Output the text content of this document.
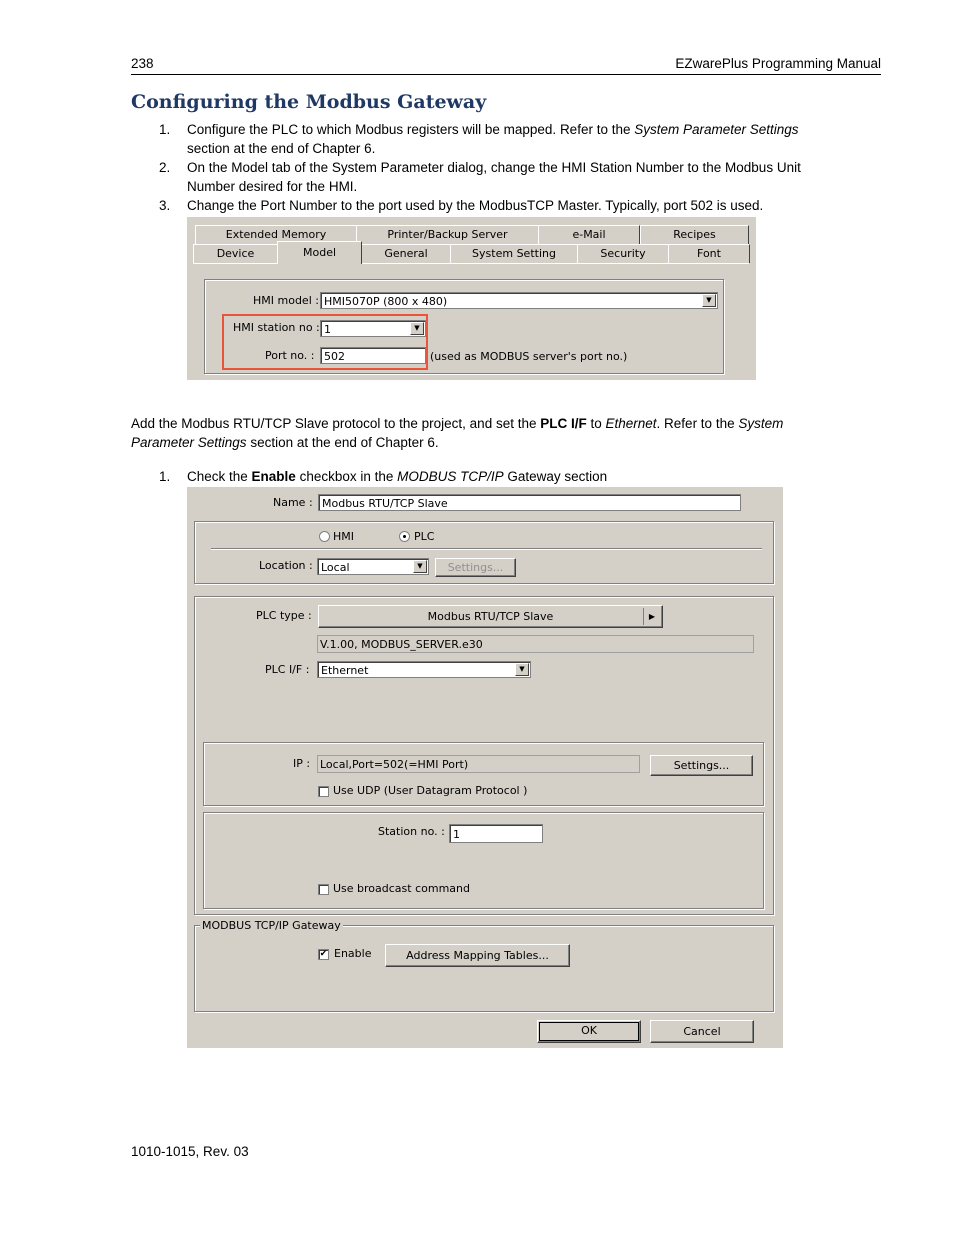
238	EZwarePlus Programming Manual
Configuring the Modbus Gateway
1.	Configure the PLC to which Modbus registers will be mapped. Refer to the System Parameter Settings
section at the end of Chapter 6.
2.	On the Model tab of the System Parameter dialog, change the HMI Station Number to the Modbus Unit
Number desired for the HMI.
3.	Change the Port Number to the port used by the ModbusTCP Master. Typically, port 502 is used.
Extended Memory	Printer/Backup Server	e-Mail	Recipes
Device	Model	General	System Setting	Security	Font
HMI model : HMI5070P (800 x 480)	▼
HMI station no : 1	▼
Port no. : 502	(used as MODBUS server's port no.)
Add the Modbus RTU/TCP Slave protocol to the project, and set the PLC I/F to Ethernet. Refer to the System
Parameter Settings section at the end of Chapter 6.
1. Check the Enable checkbox in the MODBUS TCP/IP Gateway section
Name : Modbus RTU/TCP Slave
HMI	PLC
Location : Local	▼	Settings...
PLC type :	Modbus RTU/TCP Slave	▶
V.1.00, MODBUS_SERVER.e30
PLC I/F :	Ethernet	▼
IP : Local,Port=502(=HMI Port)	Settings...
Use UDP (User Datagram Protocol )
Station no. : 1
Use broadcast command
MODBUS TCP/IP Gateway
✔ Enable	Address Mapping Tables...
OK	Cancel
1010-1015, Rev. 03
